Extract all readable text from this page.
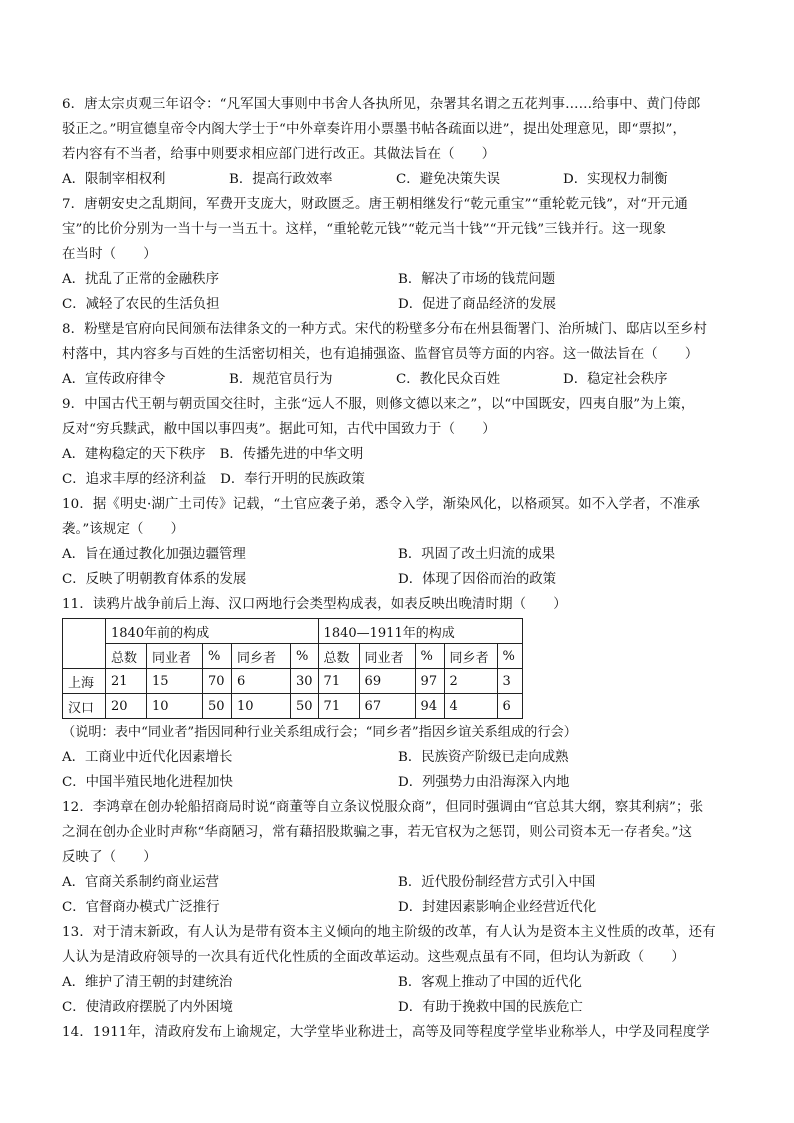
6．唐太宗贞观三年诏令：“凡军国大事则中书舍人各执所见，杂署其名谓之五花判事……给事中、黄门侍郎
驳正之。”明宣德皇帝令内阁大学士于“中外章奏许用小票墨书帖各疏面以进”，提出处理意见，即“票拟”，
若内容有不当者，给事中则要求相应部门进行改正。其做法旨在（　　）
A．限制宰相权利	B．提高行政效率	C．避免决策失误	D．实现权力制衡
7．唐朝安史之乱期间，军费开支庞大，财政匮乏。唐王朝相继发行“乾元重宝”“重轮乾元钱”，对“开元通
宝”的比价分别为一当十与一当五十。这样，“重轮乾元钱”“乾元当十钱”“开元钱”三钱并行。这一现象
在当时（　　）
A．扰乱了正常的金融秩序	B．解决了市场的钱荒问题
C．减轻了农民的生活负担	D．促进了商品经济的发展
8．粉壁是官府向民间颁布法律条文的一种方式。宋代的粉壁多分布在州县衙署门、治所城门、邸店以至乡村
村落中，其内容多与百姓的生活密切相关，也有追捕强盗、监督官员等方面的内容。这一做法旨在（　　）
A．宣传政府律令	B．规范官员行为	C．教化民众百姓	D．稳定社会秩序
9．中国古代王朝与朝贡国交往时，主张“远人不服，则修文德以来之”，以“中国既安，四夷自服”为上策，
反对“穷兵黩武，敝中国以事四夷”。据此可知，古代中国致力于（　　）
A．建构稳定的天下秩序 B．传播先进的中华文明
C．追求丰厚的经济利益 D．奉行开明的民族政策
10．据《明史·湖广土司传》记载，“土官应袭子弟，悉令入学，渐染风化，以格顽冥。如不入学者，不准承
袭。”该规定（　　）
A．旨在通过教化加强边疆管理	B．巩固了改土归流的成果
C．反映了明朝教育体系的发展	D．体现了因俗而治的政策
11．读鸦片战争前后上海、汉口两地行会类型构成表，如表反映出晚清时期（　　）
	1840年前的构成					1840—1911年的构成				
	总数	同业者	%	同乡者	%	总数	同业者	%	同乡者	%
上海	21	15	70	6	30	71	69	97	2	3
汉口	20	10	50	10	50	71	67	94	4	6
（说明：表中“同业者”指因同种行业关系组成行会；“同乡者”指因乡谊关系组成的行会）
A．工商业中近代化因素增长	B．民族资产阶级已走向成熟
C．中国半殖民地化进程加快	D．列强势力由沿海深入内地
12．李鸿章在创办轮船招商局时说“商董等自立条议悦服众商”，但同时强调由“官总其大纲，察其利病”；张
之洞在创办企业时声称“华商陋习，常有藉招股欺骗之事，若无官权为之惩罚，则公司资本无一存者矣。”这
反映了（　　）
A．官商关系制约商业运营	B．近代股份制经营方式引入中国
C．官督商办模式广泛推行	D．封建因素影响企业经营近代化
13．对于清末新政，有人认为是带有资本主义倾向的地主阶级的改革，有人认为是资本主义性质的改革，还有
人认为是清政府领导的一次具有近代化性质的全面改革运动。这些观点虽有不同，但均认为新政（　　）
A．维护了清王朝的封建统治	B．客观上推动了中国的近代化
C．使清政府摆脱了内外困境	D．有助于挽救中国的民族危亡
14．1911年，清政府发布上谕规定，大学堂毕业称进士，高等及同等程度学堂毕业称举人，中学及同程度学
